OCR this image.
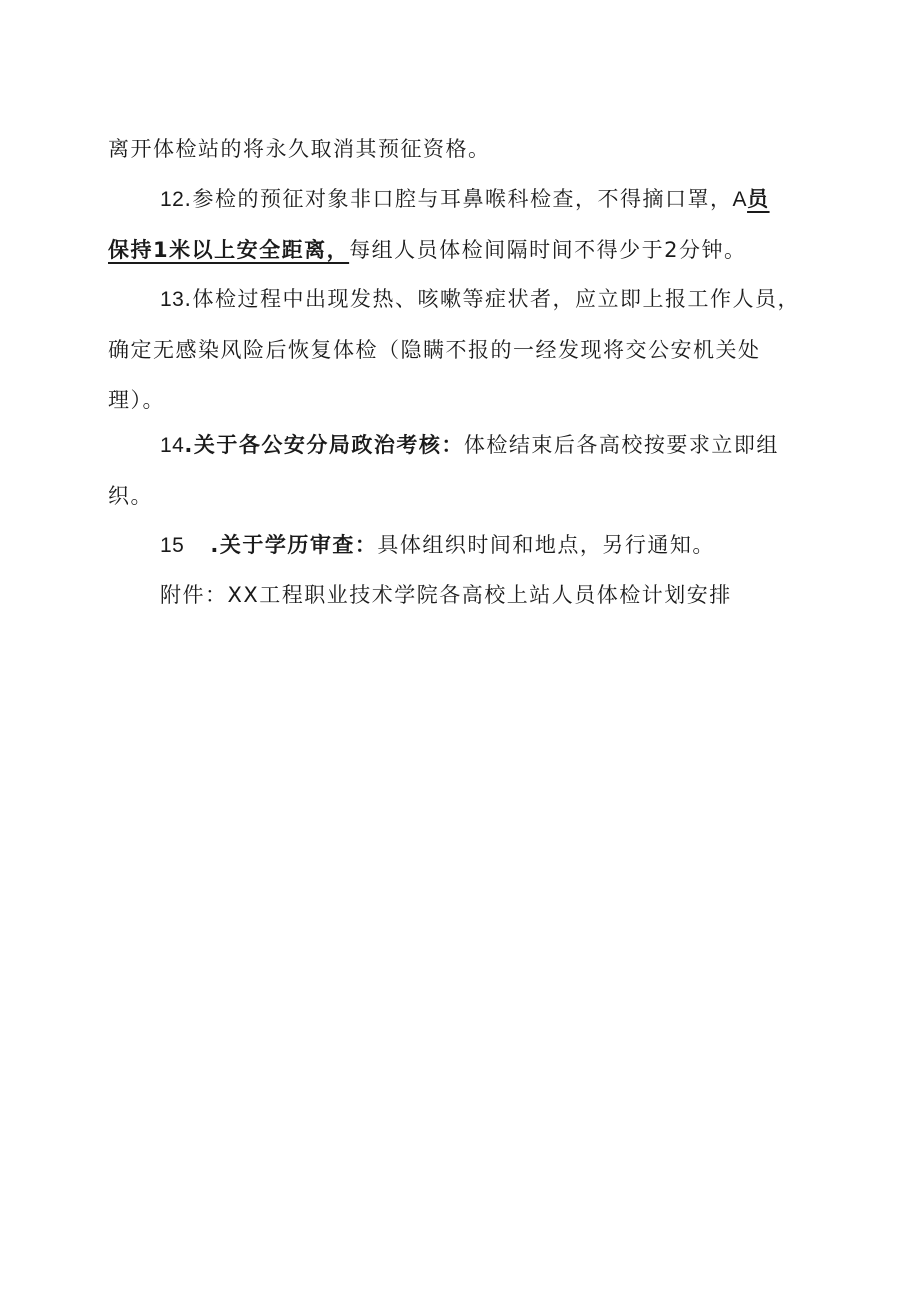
离开体检站的将永久取消其预征资格。

12.参检的预征对象非口腔与耳鼻喉科检查，不得摘口罩，A员
保持1米以上安全距离，每组人员体检间隔时间不得少于2分钟。

13.体检过程中出现发热、咳嗽等症状者，应立即上报工作人员，
确定无感染风险后恢复体检（隐瞒不报的一经发现将交公安机关处
理）。

14.关于各公安分局政治考核：体检结束后各高校按要求立即组
织。

15 .关于学历审查：具体组织时间和地点，另行通知。

附件：XX工程职业技术学院各高校上站人员体检计划安排
